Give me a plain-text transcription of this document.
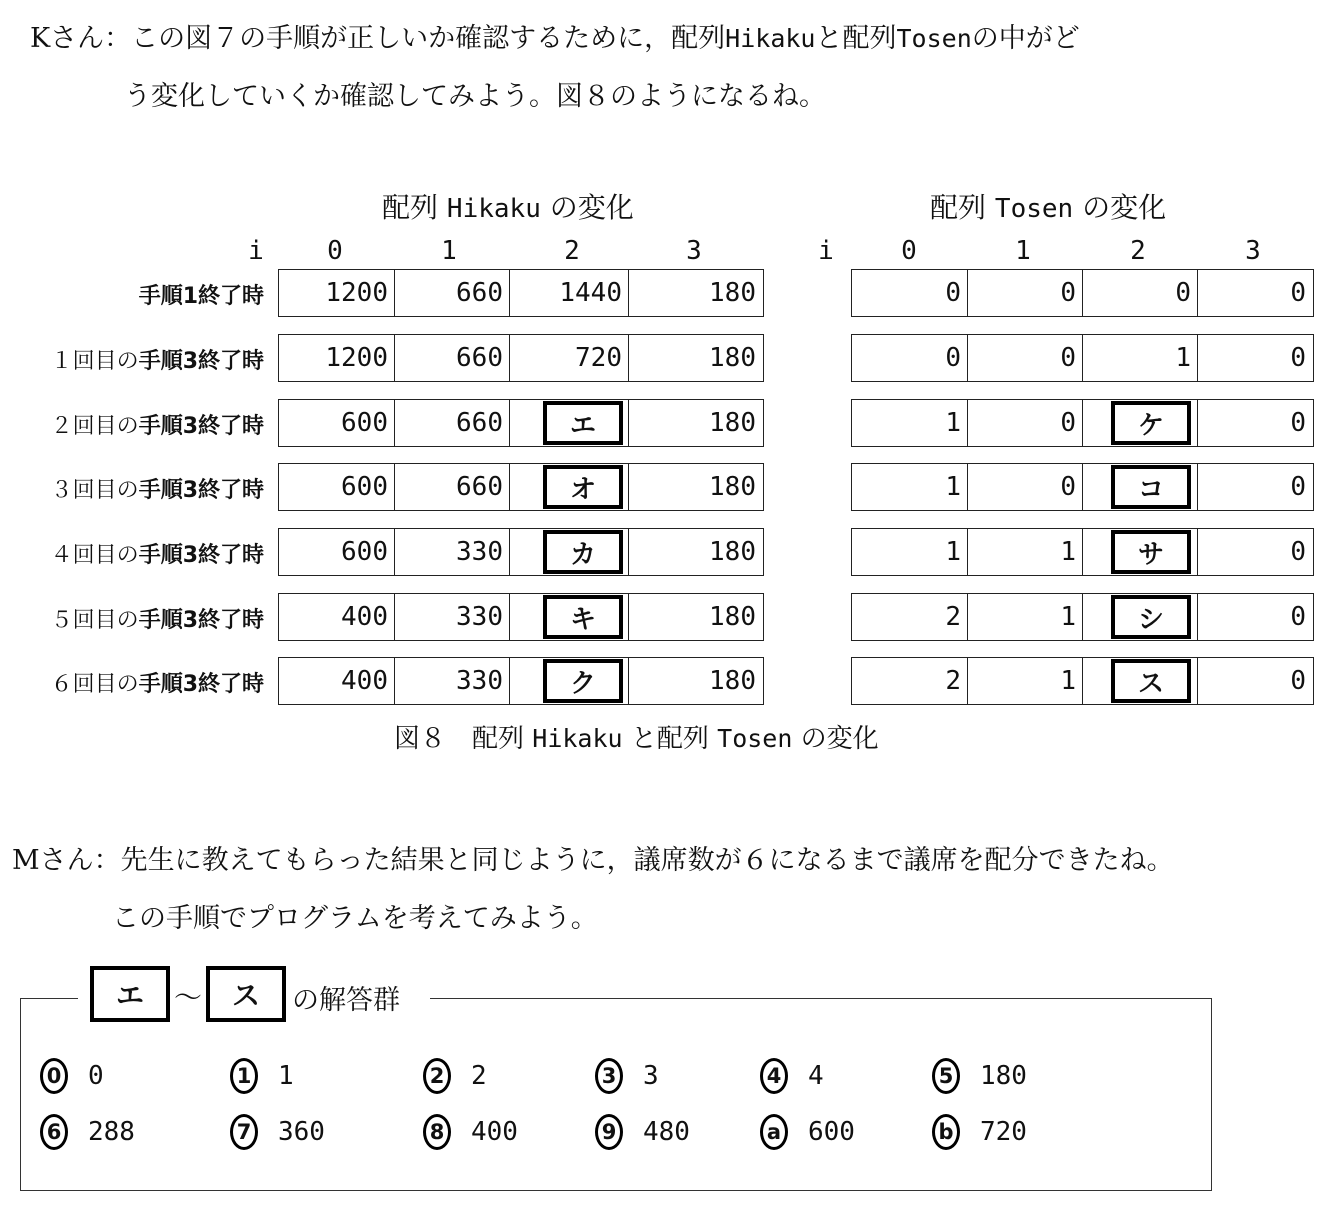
Kさん：この図７の手順が正しいか確認するために，配列Hikakuと配列Tosenの中がど
う変化していくか確認してみよう。図８のようになるね。
配列 Hikaku の変化	配列 Tosen の変化
i	0	1	2	3	i	0	1	2	3
手順1終了時	1200	660	1440	180	0	0	0	0
１回目の手順3終了時	1200	660	720	180	0	0	1	0
２回目の手順3終了時	600	660	エ	180	1	0	ケ	0
３回目の手順3終了時	600	660	オ	180	1	0	コ	0
４回目の手順3終了時	600	330	カ	180	1	1	サ	0
５回目の手順3終了時	400	330	キ	180	2	1	シ	0
６回目の手順3終了時	400	330	ク	180	2	1	ス	0
図８　配列 Hikaku と配列 Tosen の変化
Mさん：先生に教えてもらった結果と同じように，議席数が６になるまで議席を配分できたね。
この手順でプログラムを考えてみよう。
エ	～	ス	の解答群
0 0	1 1	2 2	3 3	4 4	5 180
6 288	7 360	8 400	9 480	a 600	b 720
